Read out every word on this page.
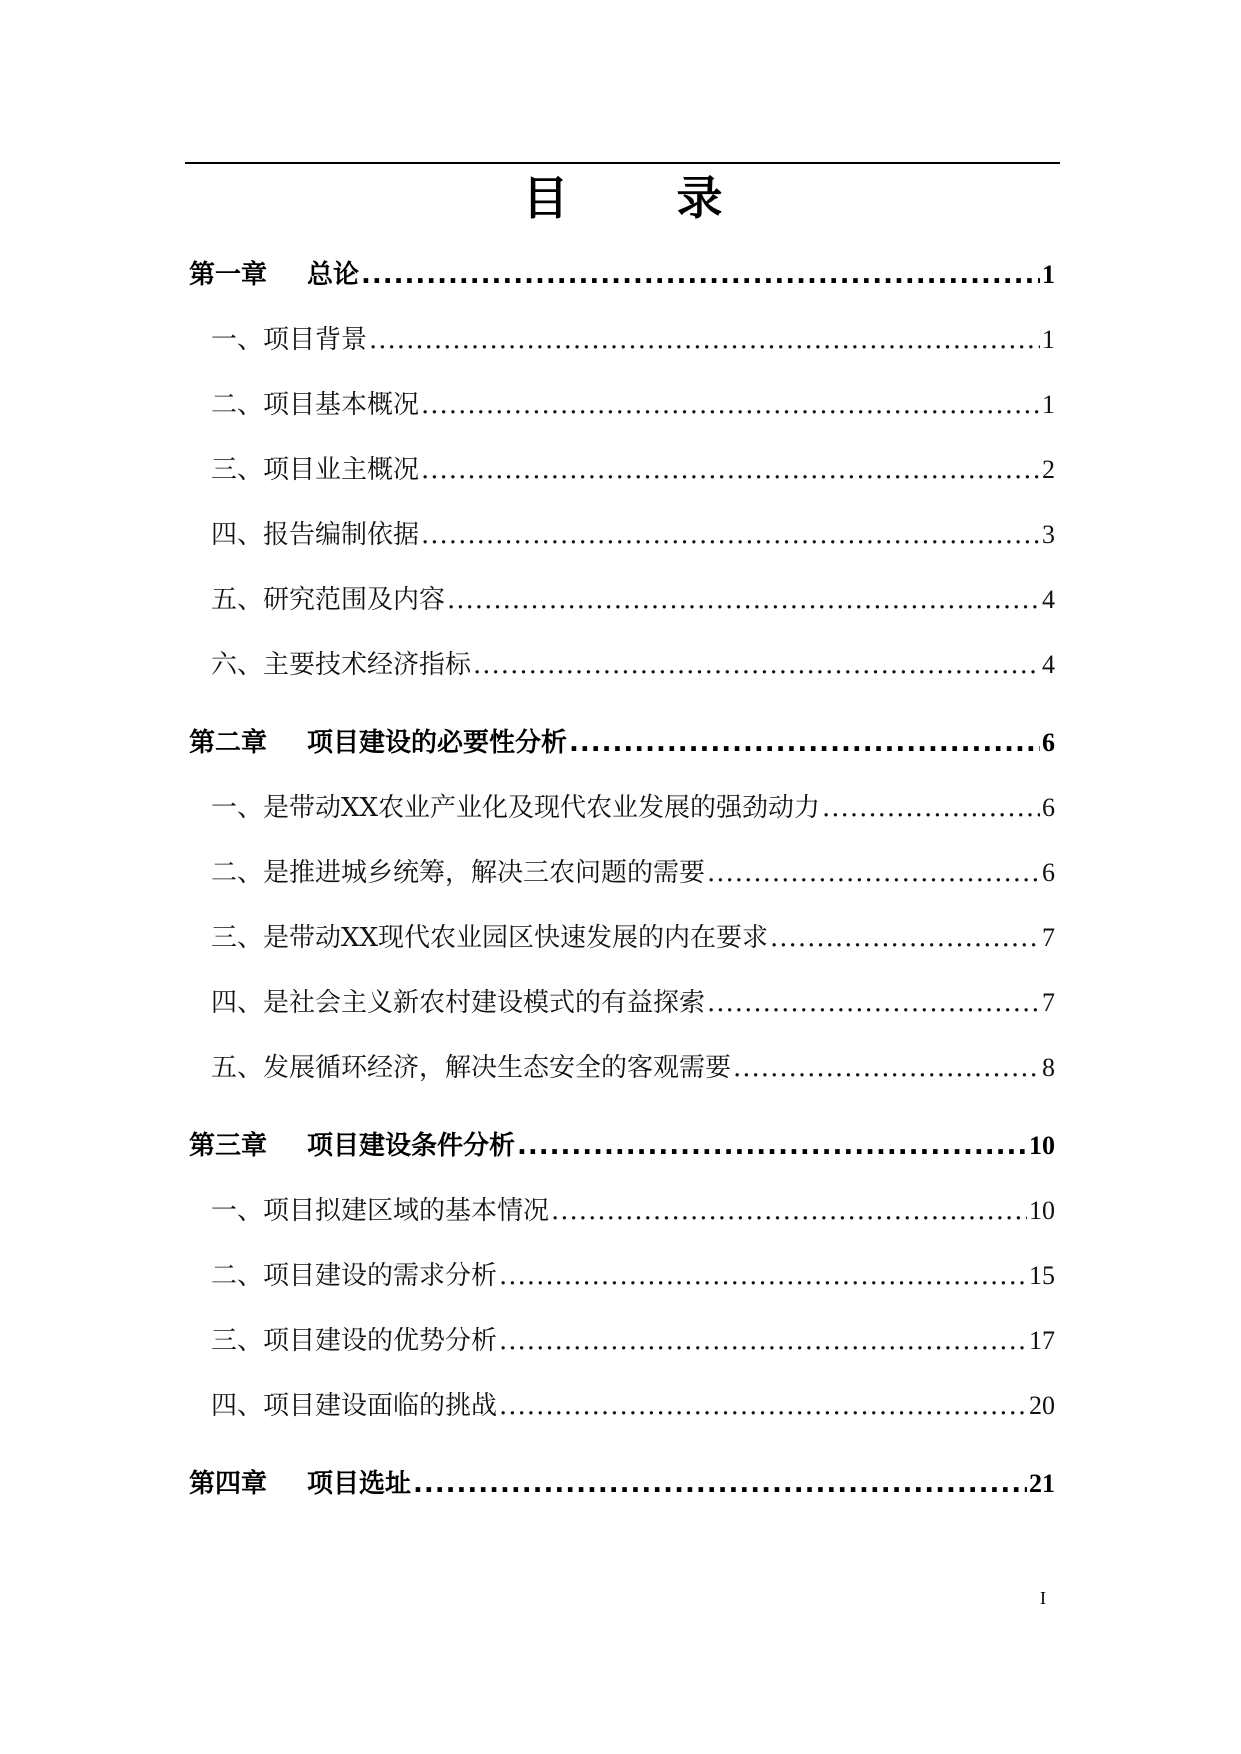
目 录
第一章 总论 .....	1
一、项目背景 .....	1
二、项目基本概况 .....	1
三、项目业主概况 .....	2
四、报告编制依据 .....	3
五、研究范围及内容 .....	4
六、主要技术经济指标 .....	4
第二章 项目建设的必要性分析 .....	6
一、是带动XX农业产业化及现代农业发展的强劲动力 .....	6
二、是推进城乡统筹，解决三农问题的需要 .....	6
三、是带动XX现代农业园区快速发展的内在要求 .....	7
四、是社会主义新农村建设模式的有益探索 .....	7
五、发展循环经济，解决生态安全的客观需要 .....	8
第三章 项目建设条件分析 .....	10
一、项目拟建区域的基本情况 .....	10
二、项目建设的需求分析 .....	15
三、项目建设的优势分析 .....	17
四、项目建设面临的挑战 .....	20
第四章 项目选址 .....	21
I
